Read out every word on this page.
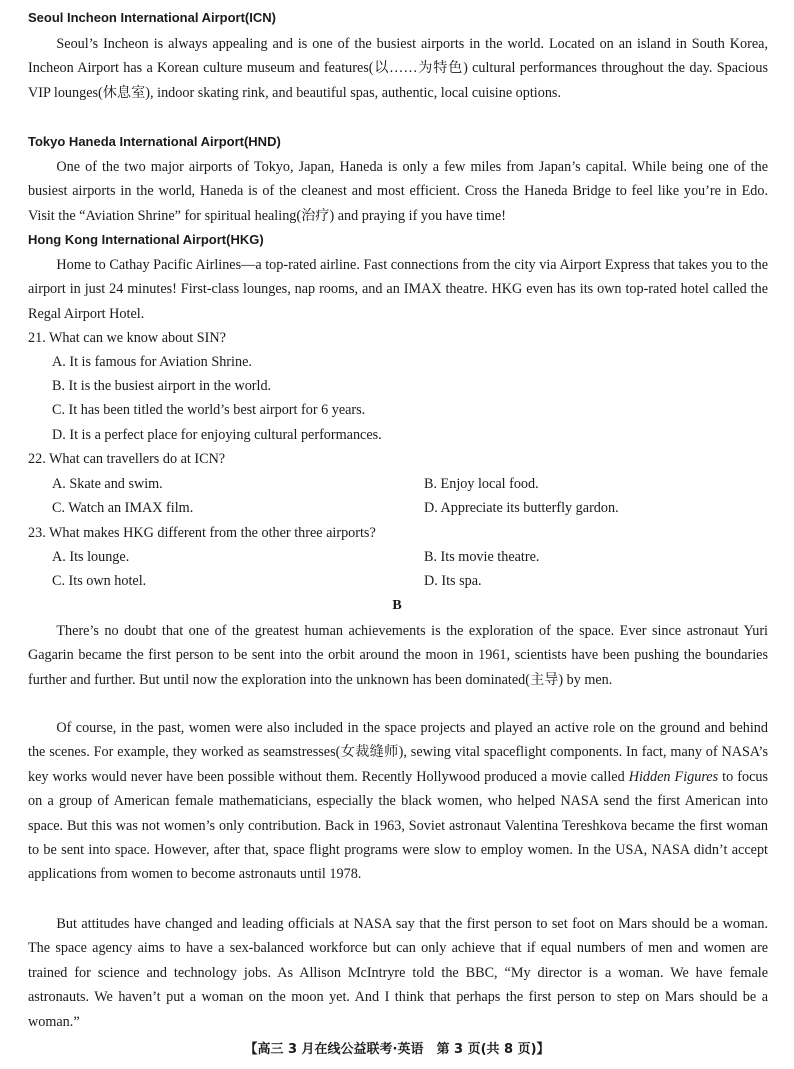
Seoul Incheon International Airport(ICN)
Seoul’s Incheon is always appealing and is one of the busiest airports in the world. Located on an island in South Korea, Incheon Airport has a Korean culture museum and features(以……为特色) cultural performances throughout the day. Spacious VIP lounges(休息室), indoor skating rink, and beautiful spas, authentic, local cuisine options.
Tokyo Haneda International Airport(HND)
One of the two major airports of Tokyo, Japan, Haneda is only a few miles from Japan’s capital. While being one of the busiest airports in the world, Haneda is of the cleanest and most efficient. Cross the Haneda Bridge to feel like you’re in Edo. Visit the “Aviation Shrine” for spiritual healing(治疗) and praying if you have time!
Hong Kong International Airport(HKG)
Home to Cathay Pacific Airlines—a top-rated airline. Fast connections from the city via Airport Express that takes you to the airport in just 24 minutes! First-class lounges, nap rooms, and an IMAX theatre. HKG even has its own top-rated hotel called the Regal Airport Hotel.
21. What can we know about SIN?
A. It is famous for Aviation Shrine.
B. It is the busiest airport in the world.
C. It has been titled the world’s best airport for 6 years.
D. It is a perfect place for enjoying cultural performances.
22. What can travellers do at ICN?
A. Skate and swim.	B. Enjoy local food.
C. Watch an IMAX film.	D. Appreciate its butterfly gardon.
23. What makes HKG different from the other three airports?
A. Its lounge.	B. Its movie theatre.
C. Its own hotel.	D. Its spa.
B
There’s no doubt that one of the greatest human achievements is the exploration of the space. Ever since astronaut Yuri Gagarin became the first person to be sent into the orbit around the moon in 1961, scientists have been pushing the boundaries further and further. But until now the exploration into the unknown has been dominated(主导) by men.
Of course, in the past, women were also included in the space projects and played an active role on the ground and behind the scenes. For example, they worked as seamstresses(女裁缝师), sewing vital spaceflight components. In fact, many of NASA’s key works would never have been possible without them. Recently Hollywood produced a movie called Hidden Figures to focus on a group of American female mathematicians, especially the black women, who helped NASA send the first American into space. But this was not women’s only contribution. Back in 1963, Soviet astronaut Valentina Tereshkova became the first woman to be sent into space. However, after that, space flight programs were slow to employ women. In the USA, NASA didn’t accept applications from women to become astronauts until 1978.
But attitudes have changed and leading officials at NASA say that the first person to set foot on Mars should be a woman. The space agency aims to have a sex-balanced workforce but can only achieve that if equal numbers of men and women are trained for science and technology jobs. As Allison McIntryre told the BBC, “My director is a woman. We have female astronauts. We haven’t put a woman on the moon yet. And I think that perhaps the first person to step on Mars should be a woman.”
【高三 3 月在线公益联考·英语　第 3 页(共 8 页)】
